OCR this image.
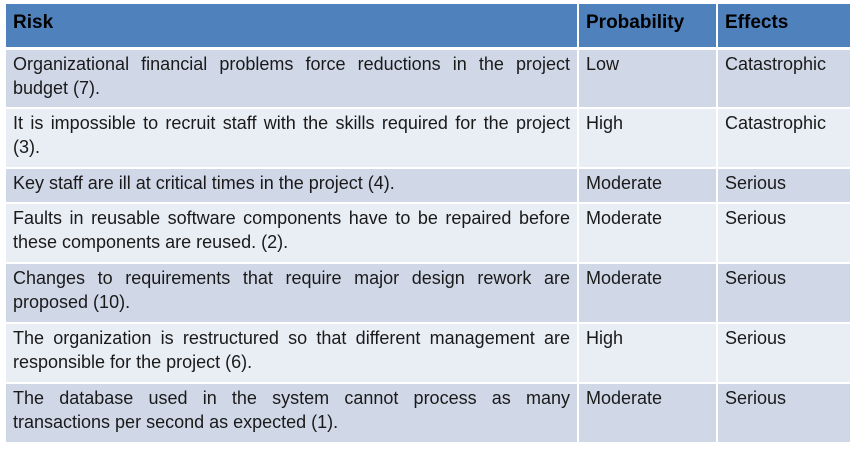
Risk	Probability	Effects
Organizational financial problems force reductions in the project budget (7).	Low	Catastrophic
It is impossible to recruit staff with the skills required for the project (3).	High	Catastrophic
Key staff are ill at critical times in the project (4).	Moderate	Serious
Faults in reusable software components have to be repaired before these components are reused. (2).	Moderate	Serious
Changes to requirements that require major design rework are proposed (10).	Moderate	Serious
The organization is restructured so that different management are responsible for the project (6).	High	Serious
The database used in the system cannot process as many transactions per second as expected (1).	Moderate	Serious
